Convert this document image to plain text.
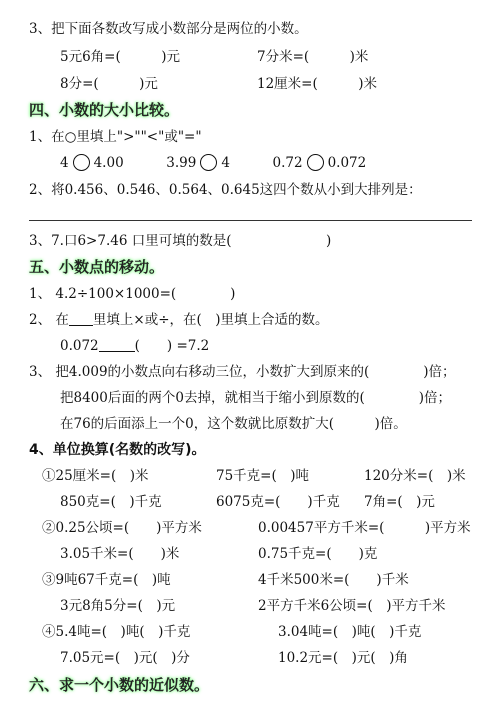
3、把下面各数改写成小数部分是两位的小数。
5元6角=(　　　)元	7分米=(　　　)米
8分=(　　　)元	12厘米=(　　　)米
四、小数的大小比较。
1、在○里填上">""<"或"="
4 4.00	3.99 4	0.72 0.072
2、将0.456、0.546、0.564、0.645这四个数从小到大排列是：
3、7.口6>7.46 口里可填的数是(　　　　　　　)
五、小数点的移动。
1、 4.2÷100×1000=(　　　　)
2、 在 里填上×或÷，在(　)里填上合适的数。
0.072	(　　) =7.2
3、 把4.009的小数点向右移动三位，小数扩大到原来的(　　　　)倍；
把8400后面的两个0去掉，就相当于缩小到原数的(　　　　)倍；
在76的后面添上一个0，这个数就比原数扩大(　　　)倍。
4、单位换算(名数的改写)。
①25厘米=(　)米	75千克=(　)吨	120分米=(　)米
850克=(　)千克	6075克=(　　)千克 7角=(　)元
②0.25公顷=(　　)平方米	0.00457平方千米=(　　　)平方米
3.05千米=(　　)米	0.75千克=(　　)克
③9吨67千克=(　)吨	4千米500米=(　　)千米
3元8角5分=(　)元	2平方千米6公顷=(　)平方千米
④5.4吨=(　)吨(　)千克	3.04吨=(　)吨(　)千克
7.05元=(　)元(　)分	10.2元=(　)元(　)角
六、求一个小数的近似数。
